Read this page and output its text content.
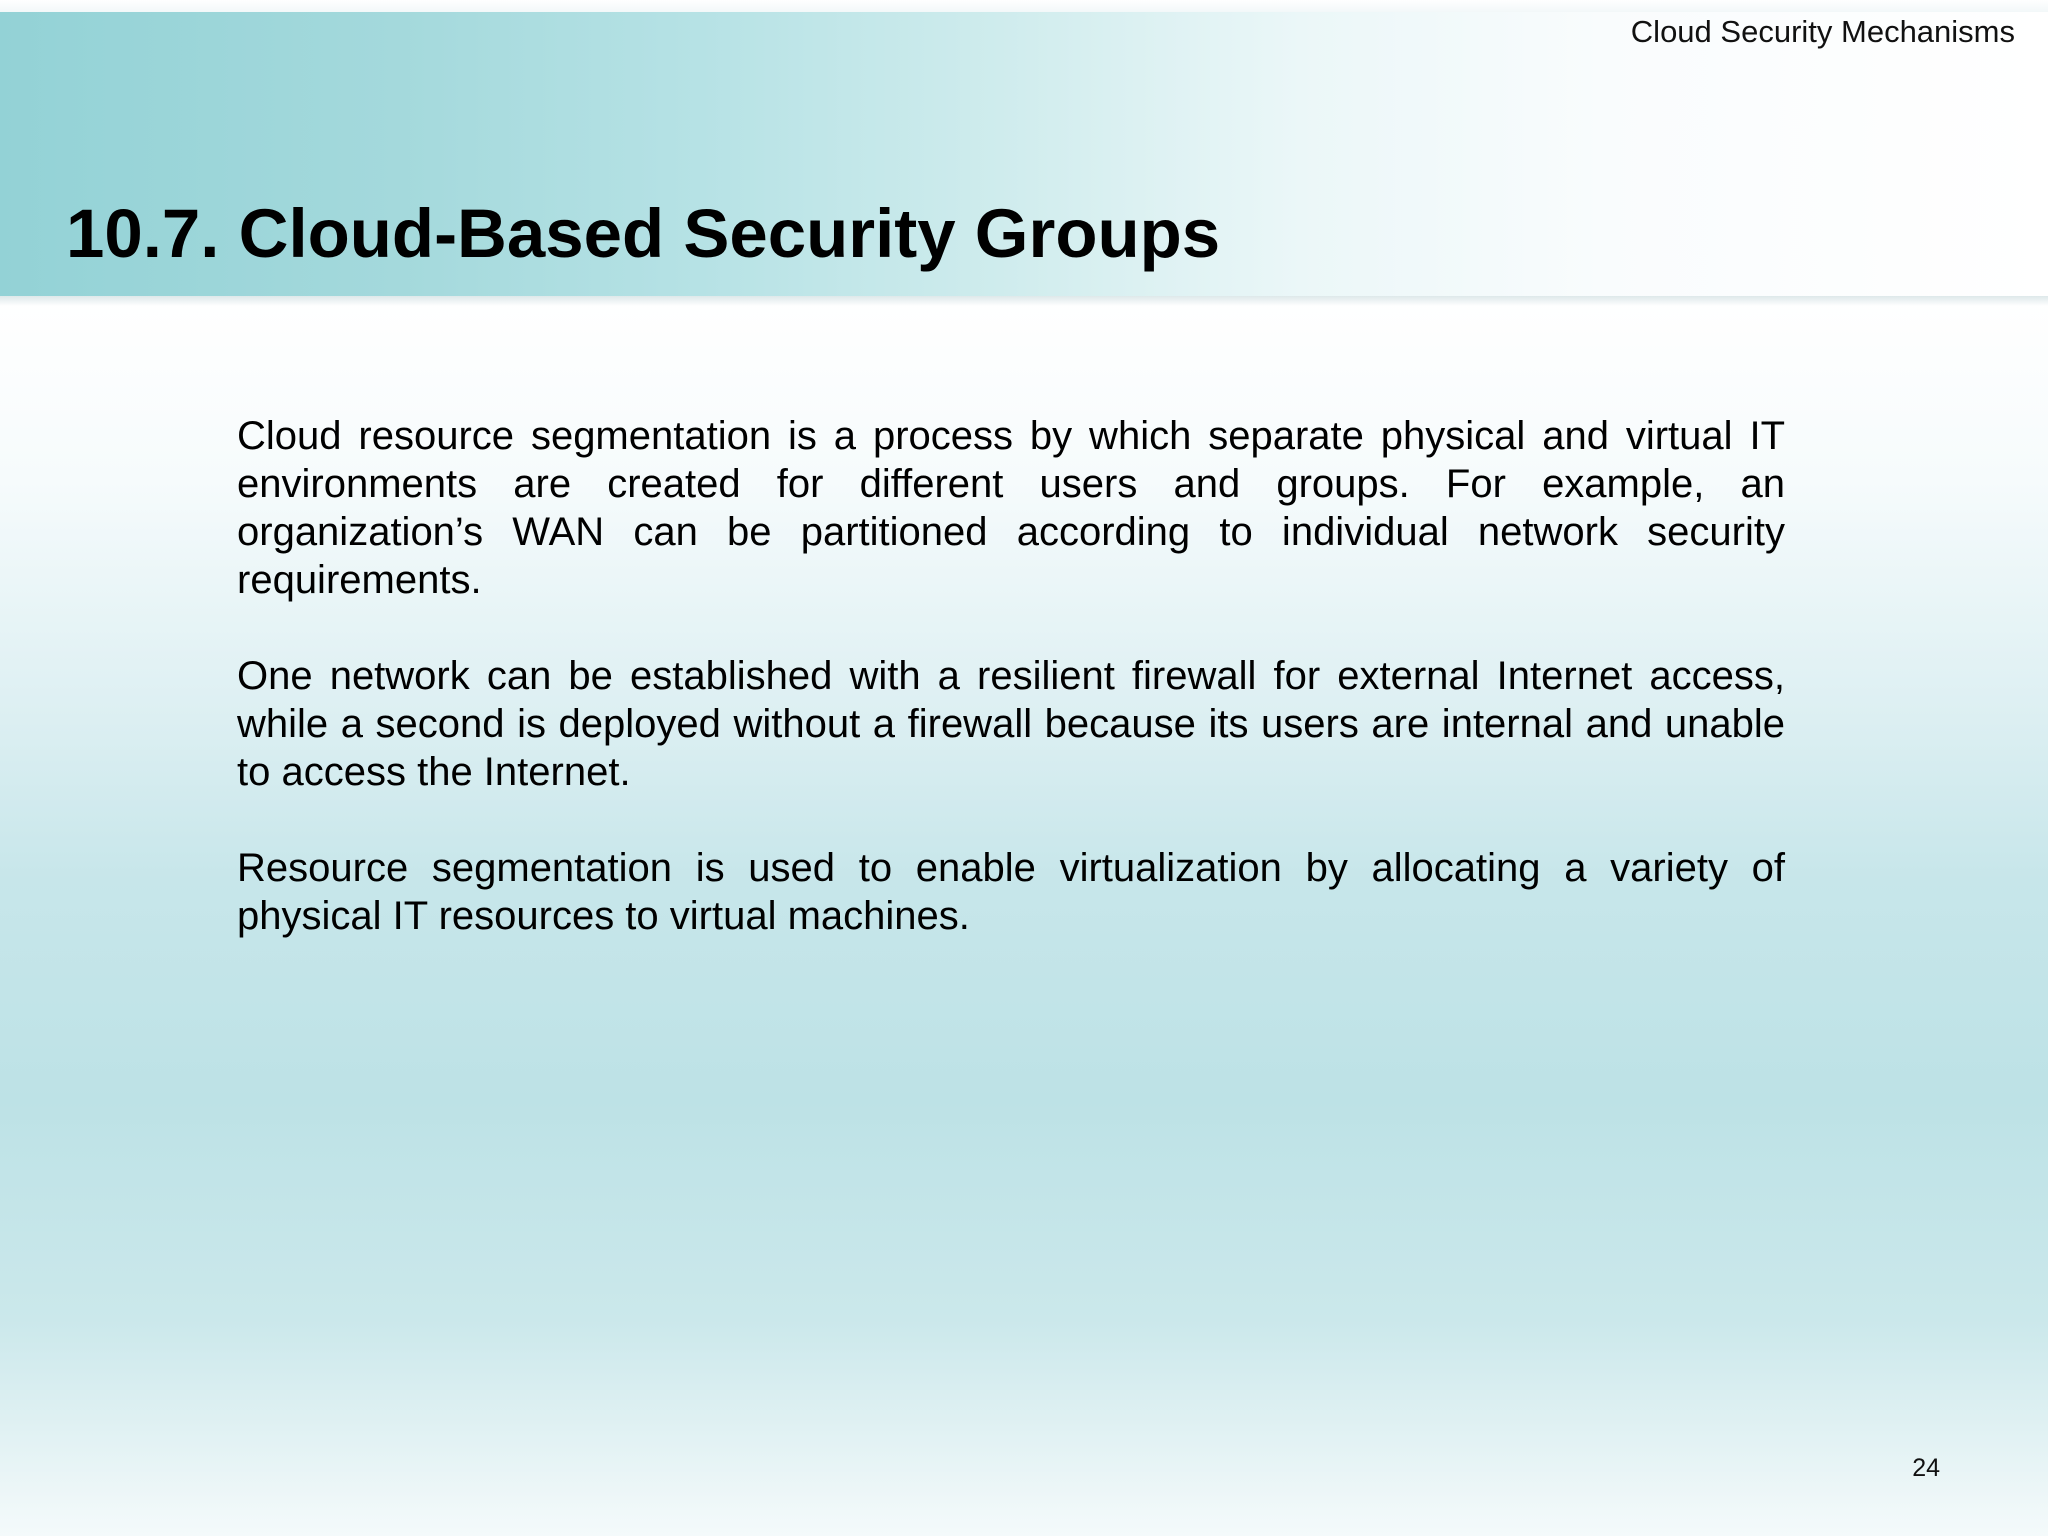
Cloud Security Mechanisms
10.7. Cloud-Based Security Groups

Cloud resource segmentation is a process by which separate physical and virtual IT environments are created for different users and groups. For example, an organization’s WAN can be partitioned according to individual network security requirements.

One network can be established with a resilient firewall for external Internet access, while a second is deployed without a firewall because its users are internal and unable to access the Internet.

Resource segmentation is used to enable virtualization by allocating a variety of physical IT resources to virtual machines.

24
